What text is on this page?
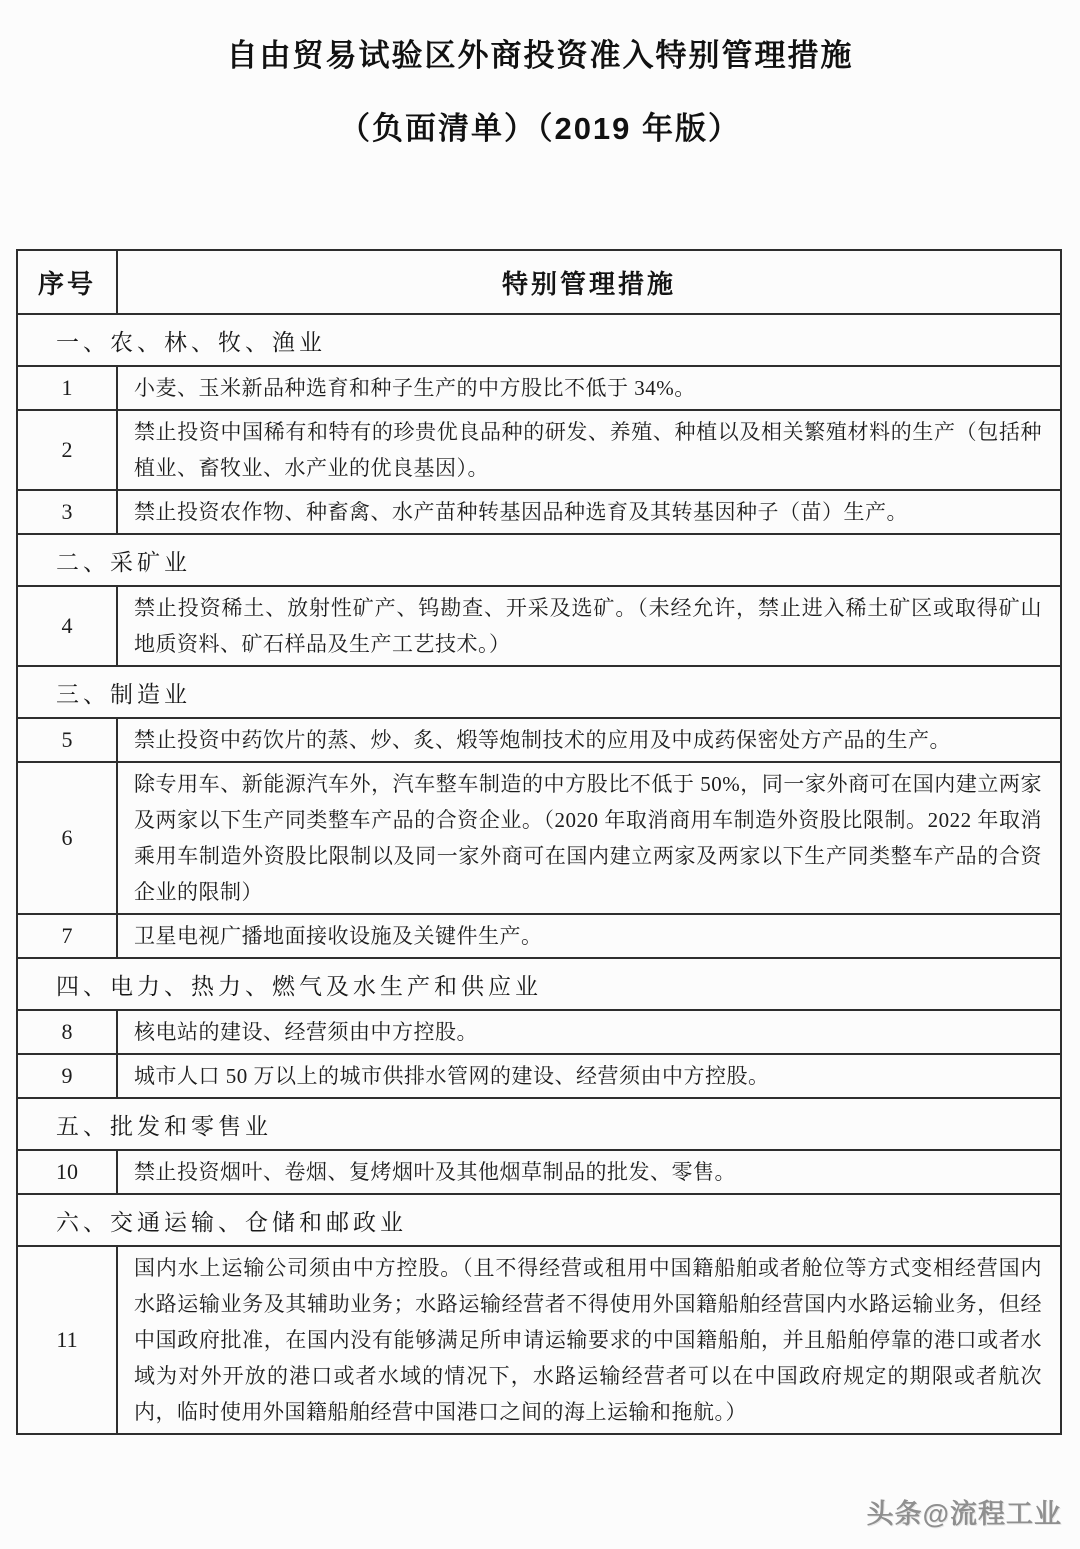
自由贸易试验区外商投资准入特别管理措施
（负面清单）（2019 年版）
序号	特别管理措施
一、农、林、牧、渔业	
1	小麦、玉米新品种选育和种子生产的中方股比不低于 34%。
2	禁止投资中国稀有和特有的珍贵优良品种的研发、养殖、种植以及相关繁殖材料的生产（包括种植业、畜牧业、水产业的优良基因）。
3	禁止投资农作物、种畜禽、水产苗种转基因品种选育及其转基因种子（苗）生产。
二、采矿业	
4	禁止投资稀土、放射性矿产、钨勘查、开采及选矿。（未经允许，禁止进入稀土矿区或取得矿山地质资料、矿石样品及生产工艺技术。）
三、制造业	
5	禁止投资中药饮片的蒸、炒、炙、煅等炮制技术的应用及中成药保密处方产品的生产。
6	除专用车、新能源汽车外，汽车整车制造的中方股比不低于 50%，同一家外商可在国内建立两家及两家以下生产同类整车产品的合资企业。（2020 年取消商用车制造外资股比限制。2022 年取消乘用车制造外资股比限制以及同一家外商可在国内建立两家及两家以下生产同类整车产品的合资企业的限制）
7	卫星电视广播地面接收设施及关键件生产。
四、电力、热力、燃气及水生产和供应业	
8	核电站的建设、经营须由中方控股。
9	城市人口 50 万以上的城市供排水管网的建设、经营须由中方控股。
五、批发和零售业	
10	禁止投资烟叶、卷烟、复烤烟叶及其他烟草制品的批发、零售。
六、交通运输、仓储和邮政业	
11	国内水上运输公司须由中方控股。（且不得经营或租用中国籍船舶或者舱位等方式变相经营国内水路运输业务及其辅助业务；水路运输经营者不得使用外国籍船舶经营国内水路运输业务，但经中国政府批准，在国内没有能够满足所申请运输要求的中国籍船舶，并且船舶停靠的港口或者水域为对外开放的港口或者水域的情况下，水路运输经营者可以在中国政府规定的期限或者航次内，临时使用外国籍船舶经营中国港口之间的海上运输和拖航。）
头条@流程工业
